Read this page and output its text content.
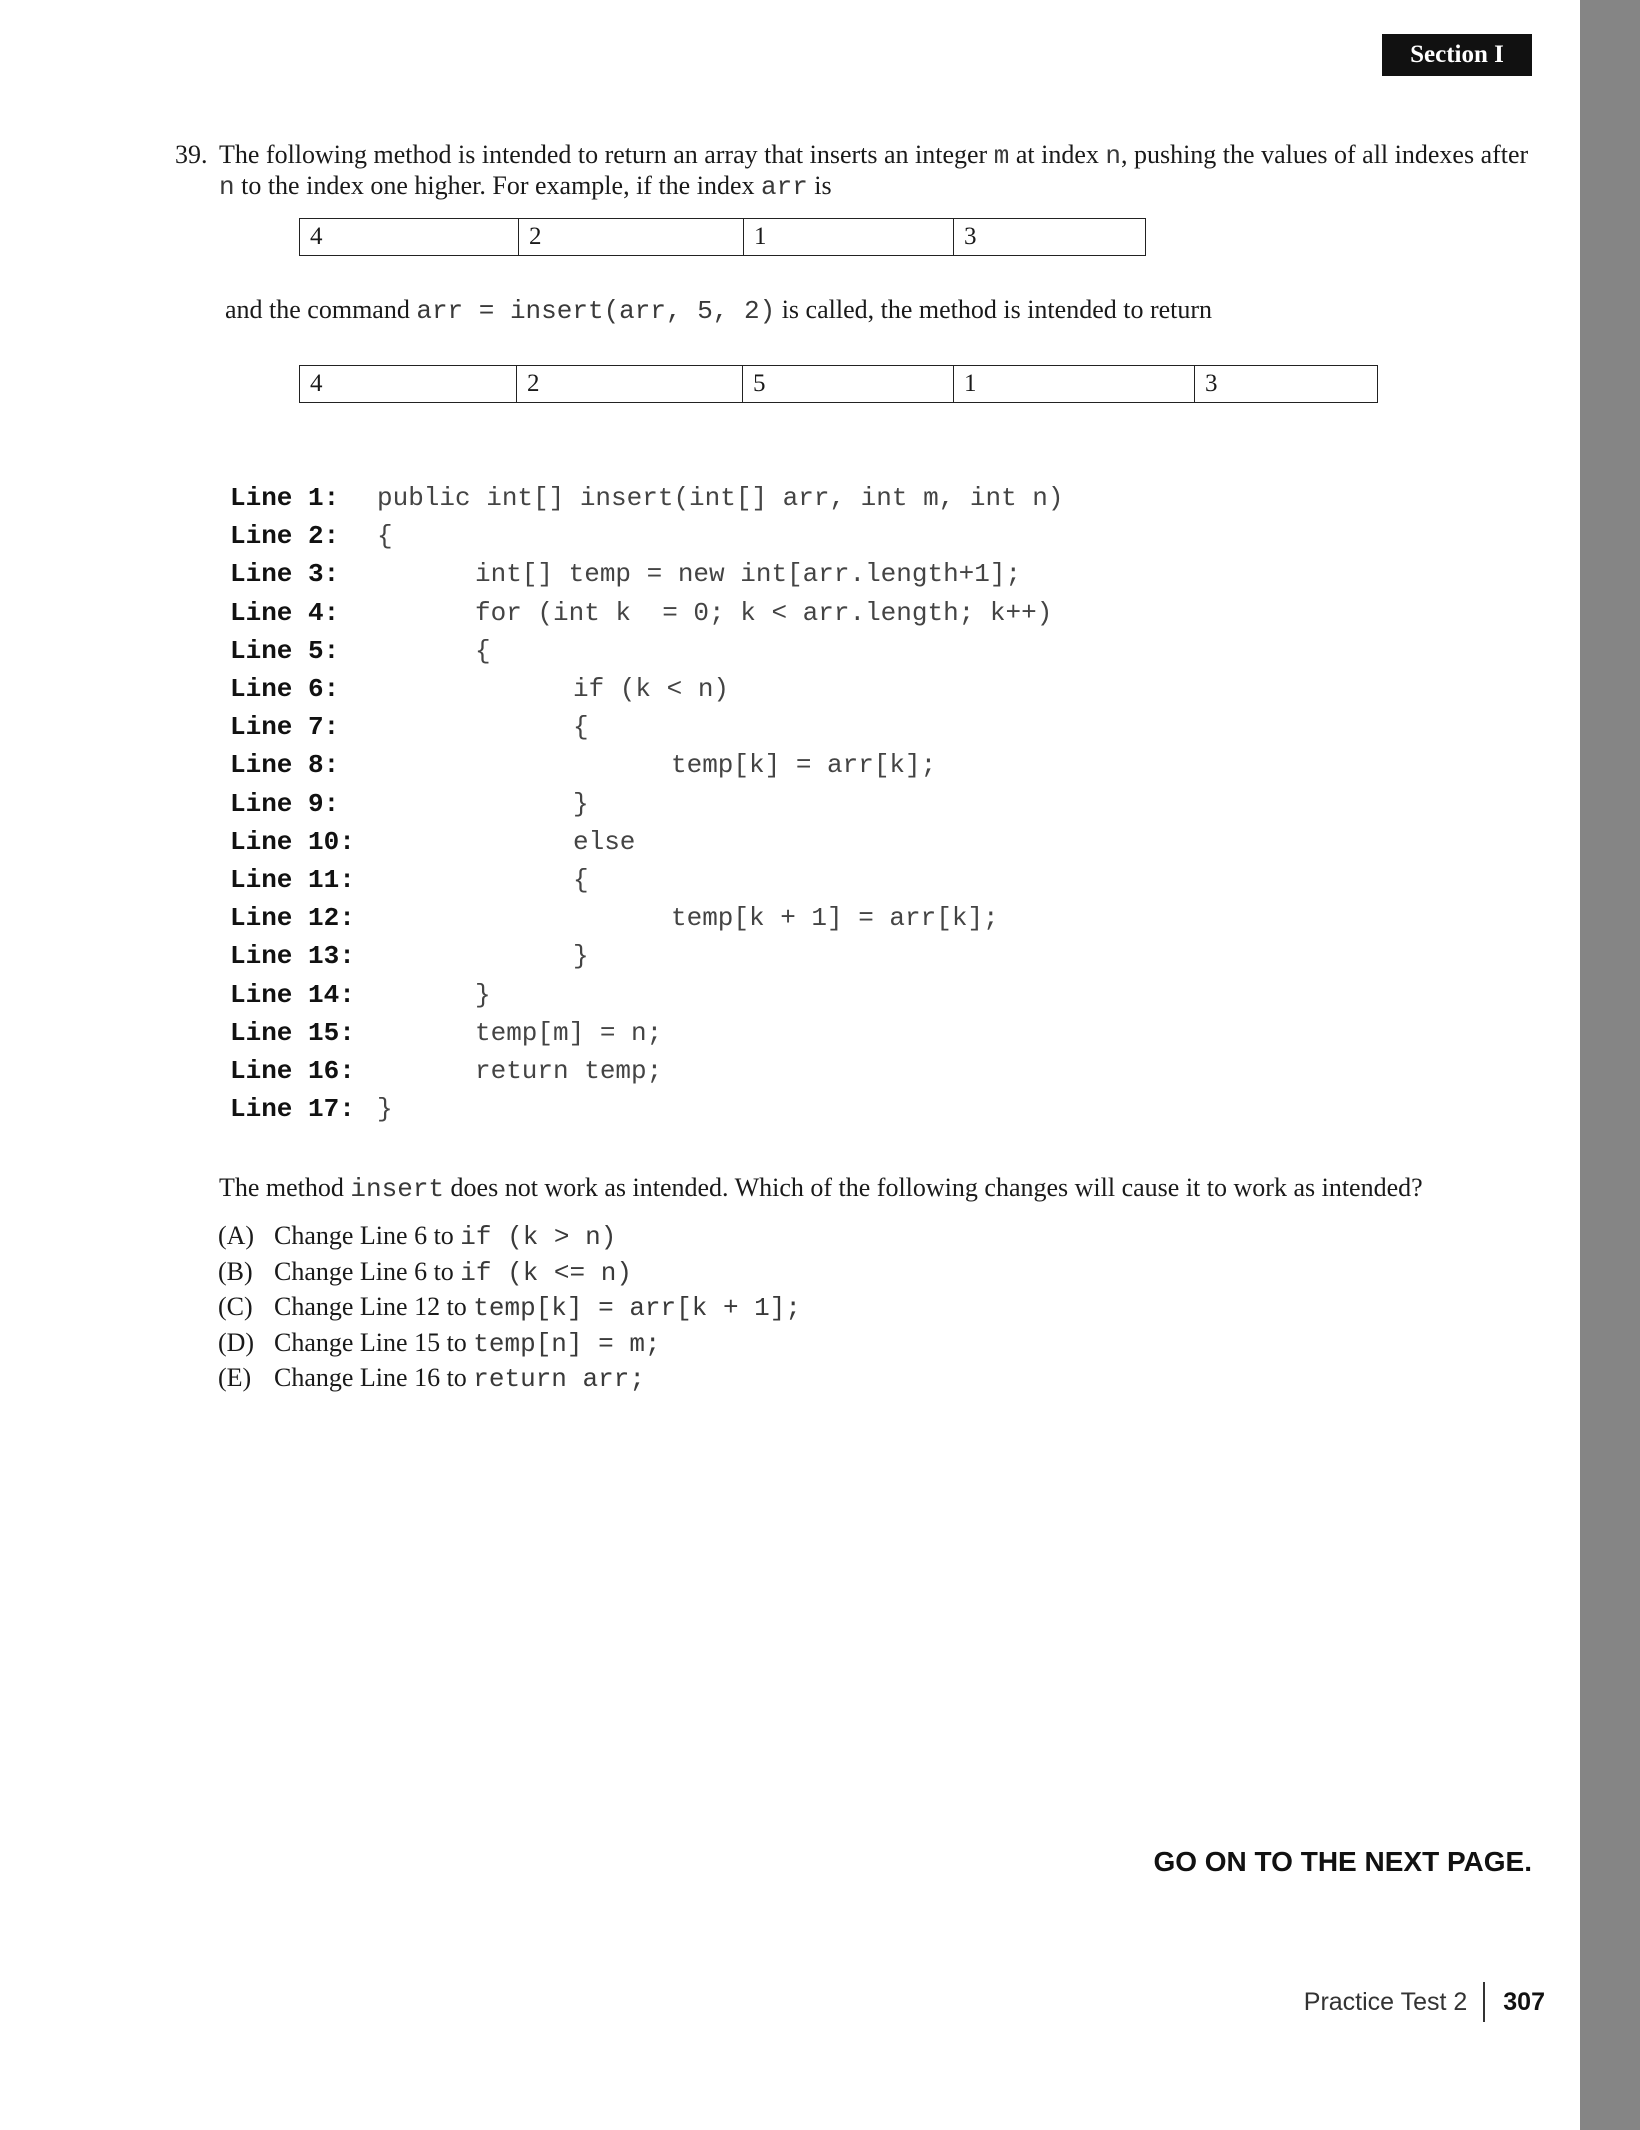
Section I
39. The following method is intended to return an array that inserts an integer m at index n, pushing the values of all indexes after
n to the index one higher. For example, if the index arr is
4	2	1	3
and the command arr = insert(arr, 5, 2) is called, the method is intended to return
4	2	5	1	3
Line 1: public int[] insert(int[] arr, int m, int n)
Line 2: {
Line 3:	int[] temp = new int[arr.length+1];
Line 4:	for (int k  = 0; k < arr.length; k++)
Line 5:	{
Line 6:	if (k < n)
Line 7:	{
Line 8:	temp[k] = arr[k];
Line 9:	}
Line 10:	else
Line 11:	{
Line 12:	temp[k + 1] = arr[k];
Line 13:	}
Line 14:	}
Line 15:	temp[m] = n;
Line 16:	return temp;
Line 17: }
The method insert does not work as intended. Which of the following changes will cause it to work as intended?
(A) Change Line 6 to if (k > n)
(B) Change Line 6 to if (k <= n)
(C) Change Line 12 to temp[k] = arr[k + 1];
(D) Change Line 15 to temp[n] = m;
(E) Change Line 16 to return arr;
GO ON TO THE NEXT PAGE.
Practice Test 2 307
